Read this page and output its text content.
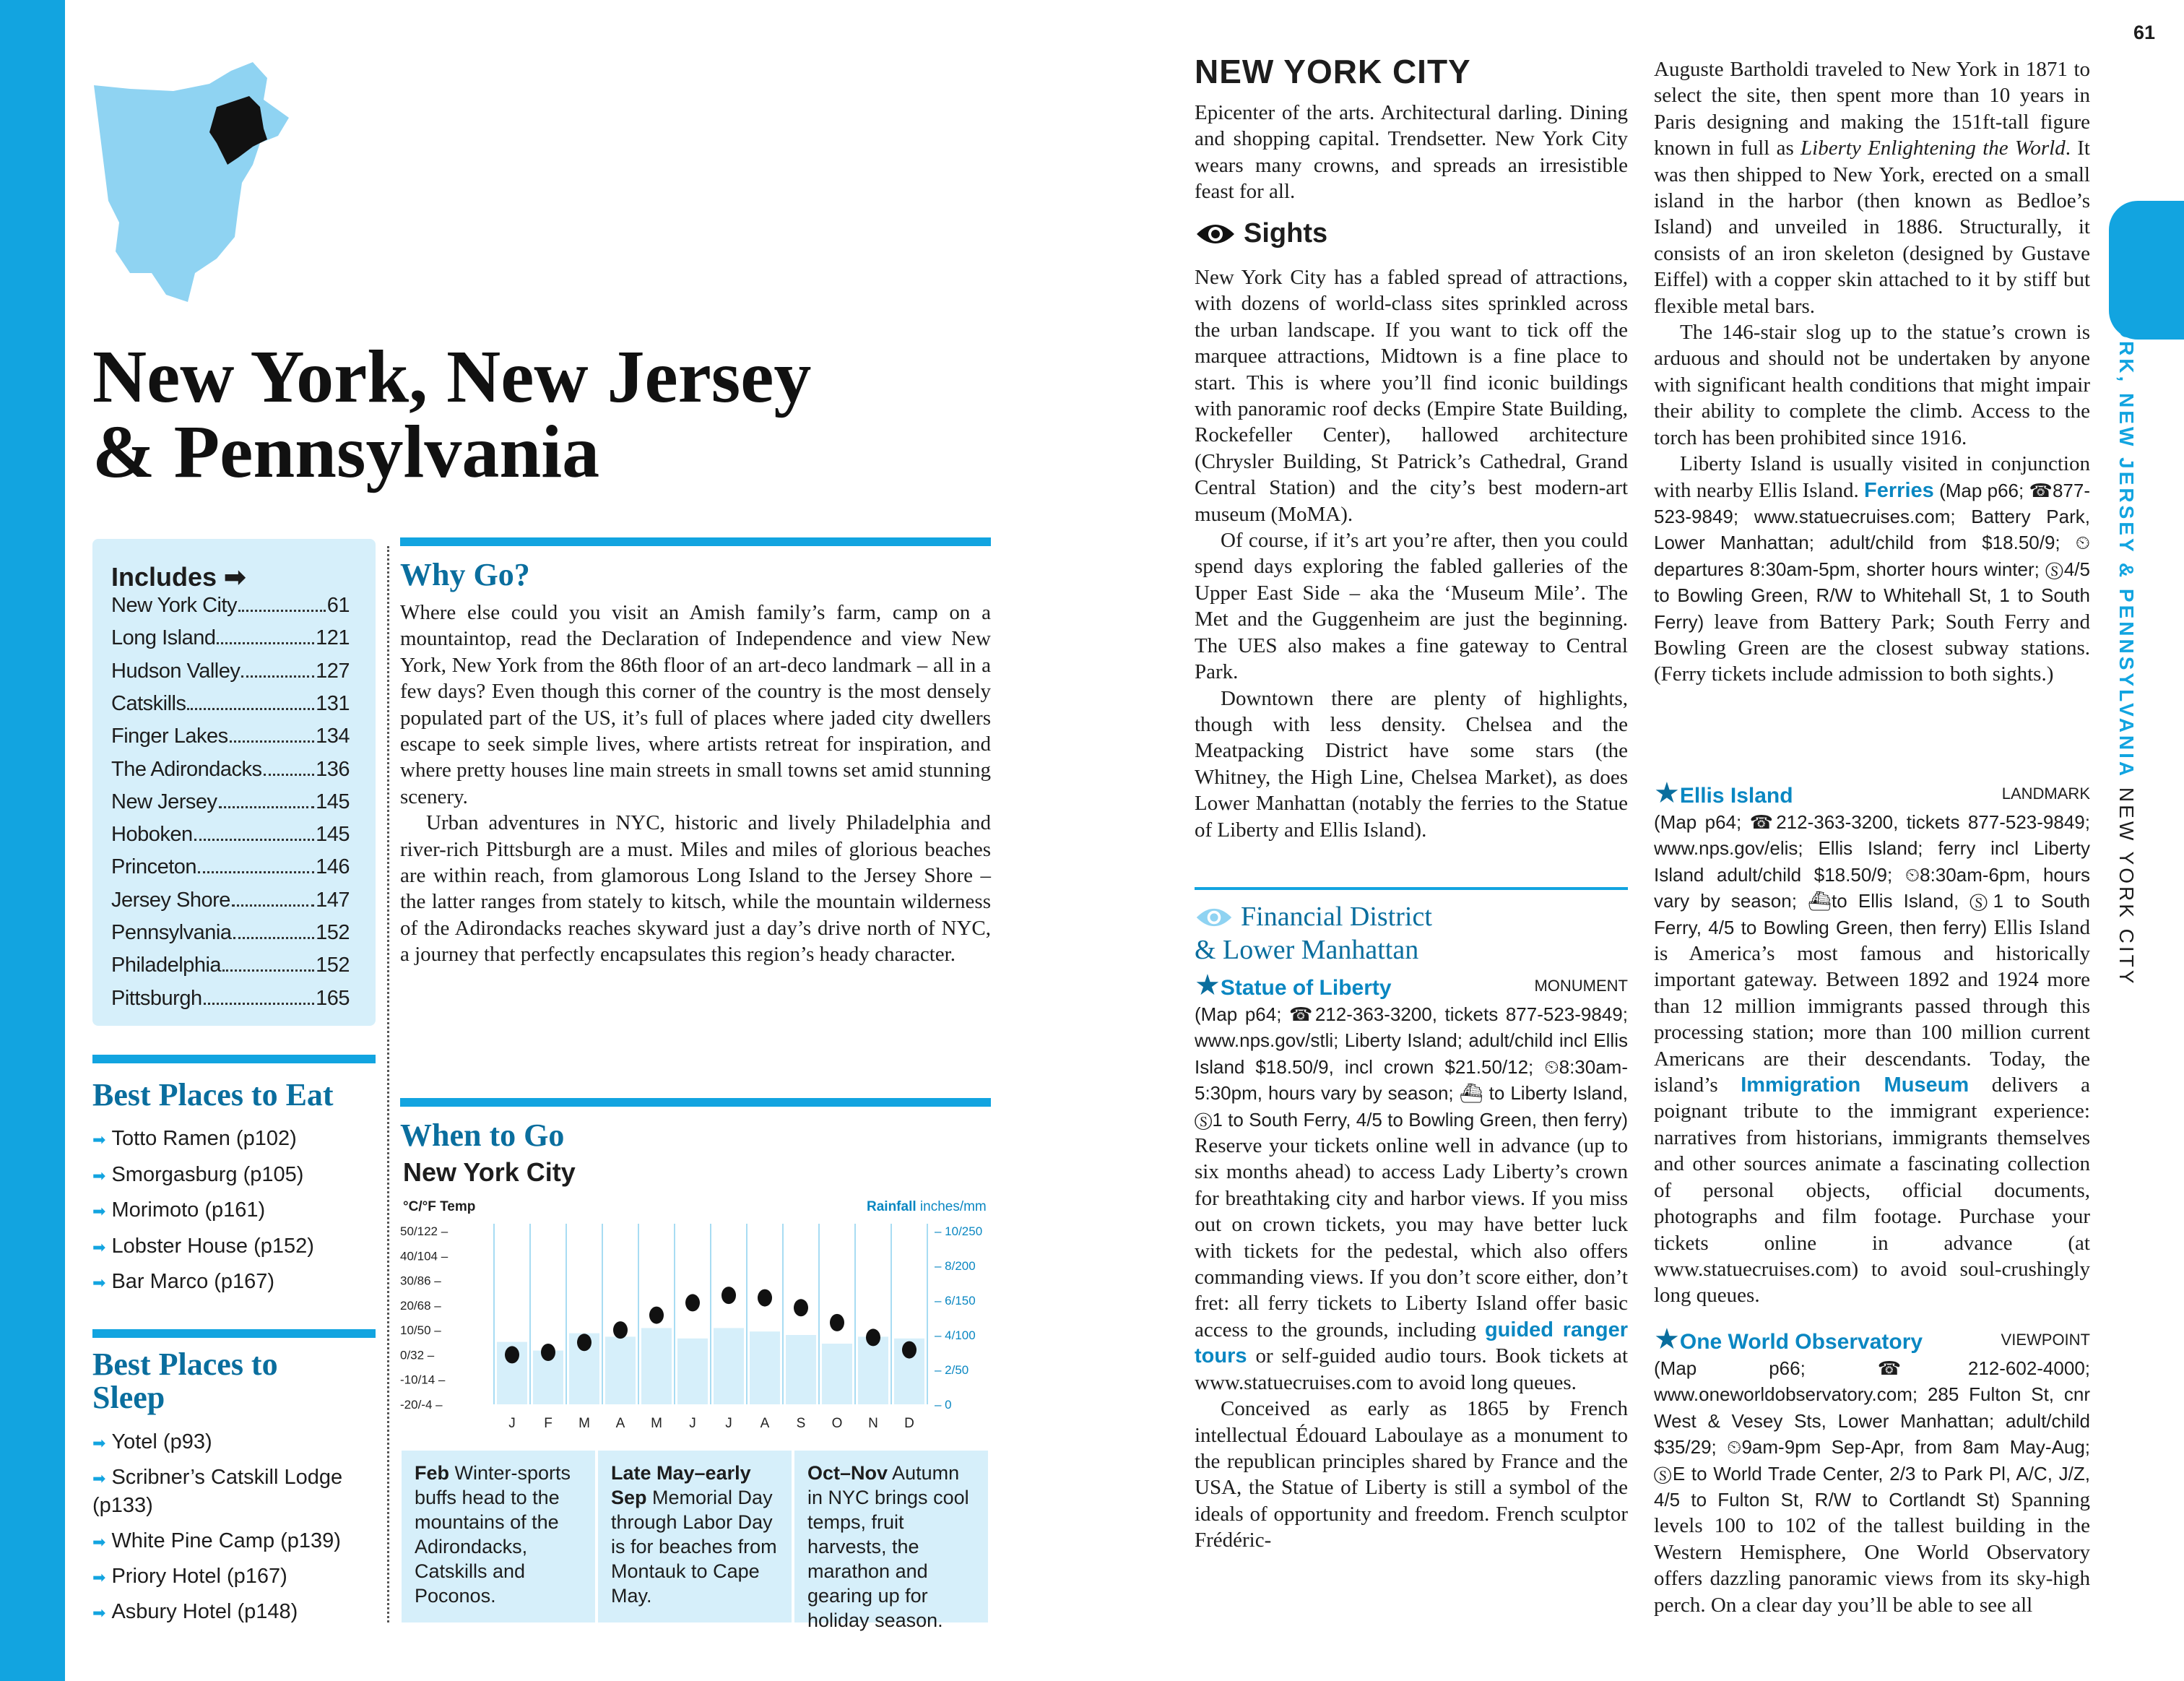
61
NEW YORK, NEW JERSEY & PENNSYLVANIA NEW YORK CITY
New York, New Jersey
& Pennsylvania
Includes ➡
New York City	61
Long Island	121
Hudson Valley	127
Catskills	131
Finger Lakes	134
The Adirondacks	136
New Jersey	145
Hoboken	145
Princeton	146
Jersey Shore	147
Pennsylvania	152
Philadelphia	152
Pittsburgh	165
Best Places to Eat
➡ Totto Ramen (p102)
➡ Smorgasburg (p105)
➡ Morimoto (p161)
➡ Lobster House (p152)
➡ Bar Marco (p167)
Best Places to
Sleep
➡ Yotel (p93)
➡ Scribner’s Catskill Lodge
(p133)
➡ White Pine Camp (p139)
➡ Priory Hotel (p167)
➡ Asbury Hotel (p148)
Why Go?

Where else could you visit an Amish family’s farm, camp on a mountaintop, read the Declaration of Independence and view New York, New York from the 86th floor of an art-deco landmark – all in a few days? Even though this corner of the country is the most densely populated part of the US, it’s full of places where jaded city dwellers escape to seek simple lives, where artists retreat for inspiration, and where pretty houses line main streets in small towns set amid stunning scenery.

Urban adventures in NYC, historic and lively Philadelphia and river-rich Pittsburgh are a must. Miles and miles of glorious beaches are within reach, from glamorous Long Island to the Jersey Shore – the latter ranges from stately to kitsch, while the mountain wilderness of the Adirondacks reaches skyward just a day’s drive north of NYC, a journey that perfectly encapsulates this region’s heady character.

When to Go
New York City
°C/°F Temp	Rainfall inches/mm
50/122 –
40/104 –
30/86 –
20/68 –
10/50 –
0/32 –
-10/14 –
-20/-4 –
– 10/250
– 8/200
– 6/150
– 4/100
– 2/50
– 0
J F M A M J J A S O N D
Feb Winter-sports buffs head to the mountains of the Adirondacks, Catskills and Poconos.
Late May–early Sep Memorial Day through Labor Day is for beaches from Montauk to Cape May.
Oct–Nov Autumn in NYC brings cool temps, fruit harvests, the marathon and gearing up for holiday season.
NEW YORK CITY

Epicenter of the arts. Architectural darling. Dining and shopping capital. Trendsetter. New York City wears many crowns, and spreads an irresistible feast for all.

Sights

New York City has a fabled spread of attractions, with dozens of world-class sites sprinkled across the urban landscape. If you want to tick off the marquee attractions, Midtown is a fine place to start. This is where you’ll find iconic buildings with panoramic roof decks (Empire State Building, Rockefeller Center), hallowed architecture (Chrysler Building, St Patrick’s Cathedral, Grand Central Station) and the city’s best modern-art museum (MoMA).

Of course, if it’s art you’re after, then you could spend days exploring the fabled galleries of the Upper East Side – aka the ‘Museum Mile’. The Met and the Guggenheim are just the beginning. The UES also makes a fine gateway to Central Park.

Downtown there are plenty of highlights, though with less density. Chelsea and the Meatpacking District have some stars (the Whitney, the High Line, Chelsea Market), as does Lower Manhattan (notably the ferries to the Statue of Liberty and Ellis Island).

Financial District
& Lower Manhattan
★Statue of Liberty	MONUMENT

(Map p64; ☎212-363-3200, tickets 877-523-9849; www.nps.gov/stli; Liberty Island; adult/child incl Ellis Island $18.50/9, incl crown $21.50/12; ⏲8:30am-5:30pm, hours vary by season; ⛴ to Liberty Island, Ⓢ1 to South Ferry, 4/5 to Bowling Green, then ferry) Reserve your tickets online well in advance (up to six months ahead) to access Lady Liberty’s crown for breathtaking city and harbor views. If you miss out on crown tickets, you may have better luck with tickets for the pedestal, which also offers commanding views. If you don’t score either, don’t fret: all ferry tickets to Liberty Island offer basic access to the grounds, including guided ranger tours or self-guided audio tours. Book tickets at www.statuecruises.com to avoid long queues.

Conceived as early as 1865 by French intellectual Édouard Laboulaye as a monument to the republican principles shared by France and the USA, the Statue of Liberty is still a symbol of the ideals of opportunity and freedom. French sculptor Frédéric-

Auguste Bartholdi traveled to New York in 1871 to select the site, then spent more than 10 years in Paris designing and making the 151ft-tall figure known in full as Liberty Enlightening the World. It was then shipped to New York, erected on a small island in the harbor (then known as Bedloe’s Island) and unveiled in 1886. Structurally, it consists of an iron skeleton (designed by Gustave Eiffel) with a copper skin attached to it by stiff but flexible metal bars.

The 146-stair slog up to the statue’s crown is arduous and should not be undertaken by anyone with significant health conditions that might impair their ability to complete the climb. Access to the torch has been prohibited since 1916.

Liberty Island is usually visited in conjunction with nearby Ellis Island. Ferries (Map p66; ☎877-523-9849; www.statuecruises.com; Battery Park, Lower Manhattan; adult/child from $18.50/9; ⏲departures 8:30am-5pm, shorter hours winter; Ⓢ4/5 to Bowling Green, R/W to Whitehall St, 1 to South Ferry) leave from Battery Park; South Ferry and Bowling Green are the closest subway stations. (Ferry tickets include admission to both sights.)

★Ellis Island	LANDMARK

(Map p64; ☎212-363-3200, tickets 877-523-9849; www.nps.gov/elis; Ellis Island; ferry incl Liberty Island adult/child $18.50/9; ⏲8:30am-6pm, hours vary by season; ⛴to Ellis Island, Ⓢ1 to South Ferry, 4/5 to Bowling Green, then ferry) Ellis Island is America’s most famous and historically important gateway. Between 1892 and 1924 more than 12 million immigrants passed through this processing station; more than 100 million current Americans are their descendants. Today, the island’s Immigration Museum delivers a poignant tribute to the immigrant experience: narratives from historians, immigrants themselves and other sources animate a fascinating collection of personal objects, official documents, photographs and film footage. Purchase your tickets online in advance (at www.statuecruises.com) to avoid soul-crushingly long queues.

★One World Observatory	VIEWPOINT

(Map p66; ☎212-602-4000; www.oneworldobservatory.com; 285 Fulton St, cnr West & Vesey Sts, Lower Manhattan; adult/child $35/29; ⏲9am-9pm Sep-Apr, from 8am May-Aug; ⓈE to World Trade Center, 2/3 to Park Pl, A/C, J/Z, 4/5 to Fulton St, R/W to Cortlandt St) Spanning levels 100 to 102 of the tallest building in the Western Hemisphere, One World Observatory offers dazzling panoramic views from its sky-high perch. On a clear day you’ll be able to see all
